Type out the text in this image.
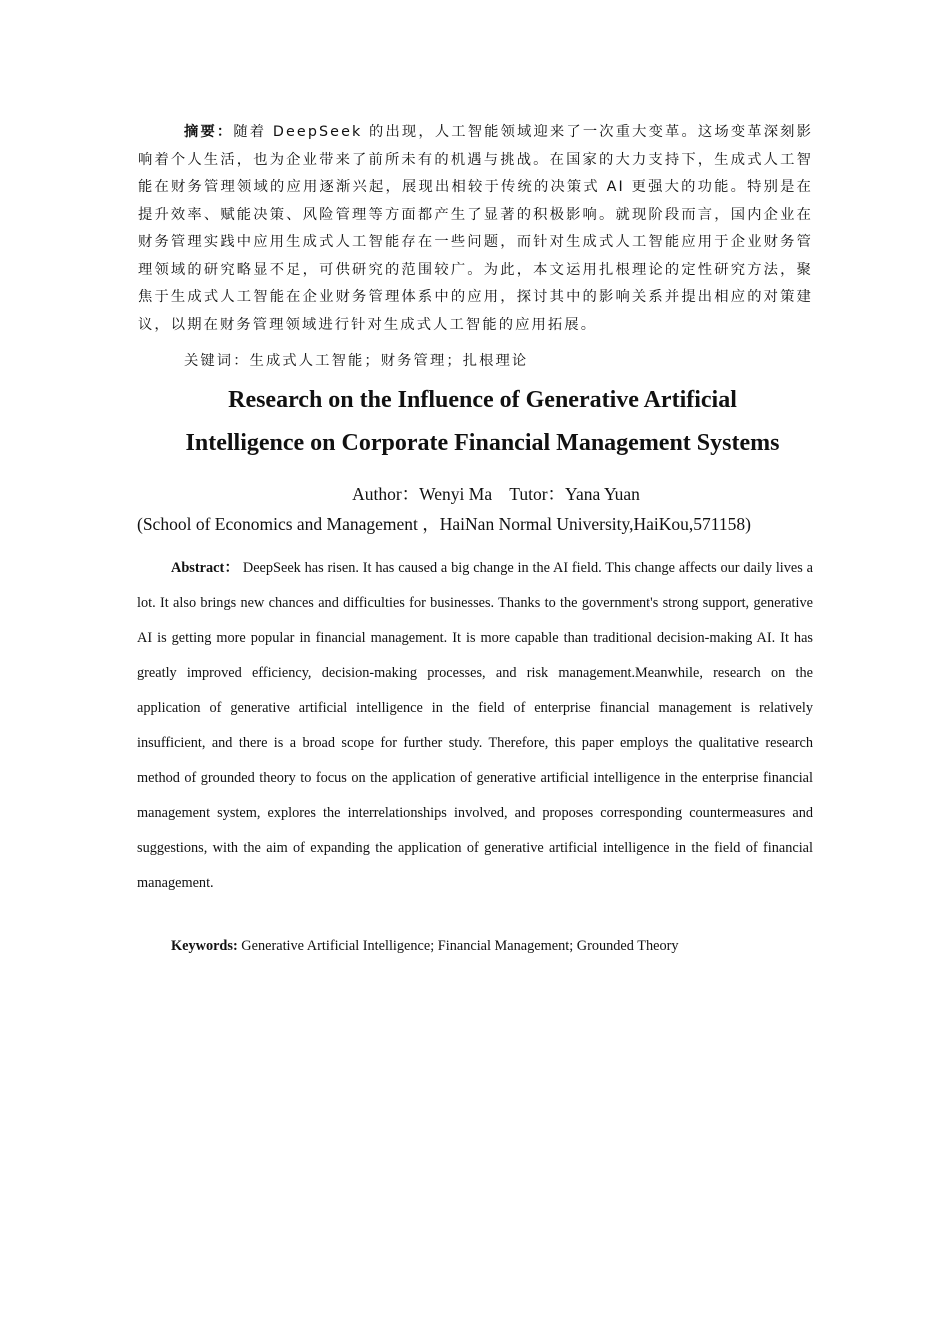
摘要：随着 DeepSeek 的出现，人工智能领域迎来了一次重大变革。这场变革深刻影响着个人生活，也为企业带来了前所未有的机遇与挑战。在国家的大力支持下，生成式人工智能在财务管理领域的应用逐渐兴起，展现出相较于传统的决策式 AI 更强大的功能。特别是在提升效率、赋能决策、风险管理等方面都产生了显著的积极影响。就现阶段而言，国内企业在财务管理实践中应用生成式人工智能存在一些问题，而针对生成式人工智能应用于企业财务管理领域的研究略显不足，可供研究的范围较广。为此，本文运用扎根理论的定性研究方法，聚焦于生成式人工智能在企业财务管理体系中的应用，探讨其中的影响关系并提出相应的对策建议，以期在财务管理领域进行针对生成式人工智能的应用拓展。

关键词：生成式人工智能；财务管理；扎根理论

Research on the Influence of Generative Artificial
Intelligence on Corporate Financial Management Systems

Author：Wenyi Ma    Tutor：Yana Yuan

(School of Economics and Management ，HaiNan Normal University,HaiKou,571158)

Abstract： DeepSeek has risen. It has caused a big change in the AI field. This change affects our daily lives a lot. It also brings new chances and difficulties for businesses. Thanks to the government's strong support, generative AI is getting more popular in financial management. It is more capable than traditional decision-making AI. It has greatly improved efficiency, decision-making processes, and risk management.Meanwhile, research on the application of generative artificial intelligence in the field of enterprise financial management is relatively insufficient, and there is a broad scope for further study. Therefore, this paper employs the qualitative research method of grounded theory to focus on the application of generative artificial intelligence in the enterprise financial management system, explores the interrelationships involved, and proposes corresponding countermeasures and suggestions, with the aim of expanding the application of generative artificial intelligence in the field of financial management.

Keywords: Generative Artificial Intelligence; Financial Management; Grounded Theory
